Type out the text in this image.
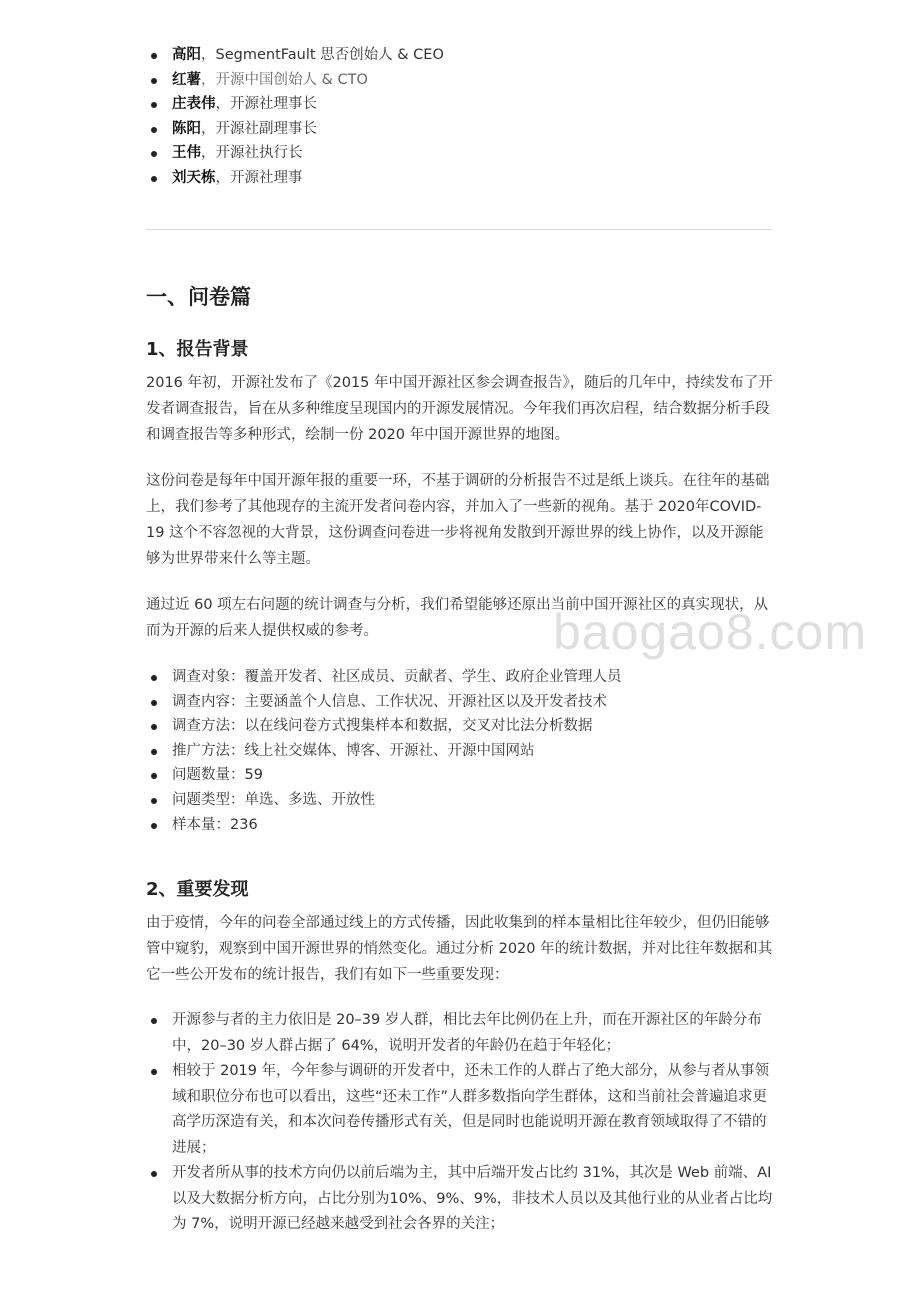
高阳，SegmentFault 思否创始人 & CEO
红薯，开源中国创始人 & CTO
庄表伟，开源社理事长
陈阳，开源社副理事长
王伟，开源社执行长
刘天栋，开源社理事
一、问卷篇
1、报告背景

2016 年初，开源社发布了《2015 年中国开源社区参会调查报告》，随后的几年中，持续发布了开发者调查报告，旨在从多种维度呈现国内的开源发展情况。今年我们再次启程，结合数据分析手段和调查报告等多种形式，绘制一份 2020 年中国开源世界的地图。

这份问卷是每年中国开源年报的重要一环，不基于调研的分析报告不过是纸上谈兵。在往年的基础上，我们参考了其他现存的主流开发者问卷内容，并加入了一些新的视角。基于 2020年COVID-19 这个不容忽视的大背景，这份调查问卷进一步将视角发散到开源世界的线上协作，以及开源能够为世界带来什么等主题。

通过近 60 项左右问题的统计调查与分析，我们希望能够还原出当前中国开源社区的真实现状，从而为开源的后来人提供权威的参考。

调查对象：覆盖开发者、社区成员、贡献者、学生、政府企业管理人员
调查内容：主要涵盖个人信息、工作状况、开源社区以及开发者技术
调查方法：以在线问卷方式搜集样本和数据，交叉对比法分析数据
推广方法：线上社交媒体、博客、开源社、开源中国网站
问题数量：59
问题类型：单选、多选、开放性
样本量：236
2、重要发现

由于疫情，今年的问卷全部通过线上的方式传播，因此收集到的样本量相比往年较少，但仍旧能够管中窥豹，观察到中国开源世界的悄然变化。通过分析 2020 年的统计数据，并对比往年数据和其它一些公开发布的统计报告，我们有如下一些重要发现：

开源参与者的主力依旧是 20–39 岁人群，相比去年比例仍在上升，而在开源社区的年龄分布中，20–30 岁人群占据了 64%，说明开发者的年龄仍在趋于年轻化；
相较于 2019 年，今年参与调研的开发者中，还未工作的人群占了绝大部分，从参与者从事领域和职位分布也可以看出，这些“还未工作”人群多数指向学生群体，这和当前社会普遍追求更高学历深造有关，和本次问卷传播形式有关，但是同时也能说明开源在教育领域取得了不错的进展；
开发者所从事的技术方向仍以前后端为主，其中后端开发占比约 31%，其次是 Web 前端、AI 以及大数据分析方向，占比分别为10%、9%、9%，非技术人员以及其他行业的从业者占比均为 7%，说明开源已经越来越受到社会各界的关注；
baogao8.com
